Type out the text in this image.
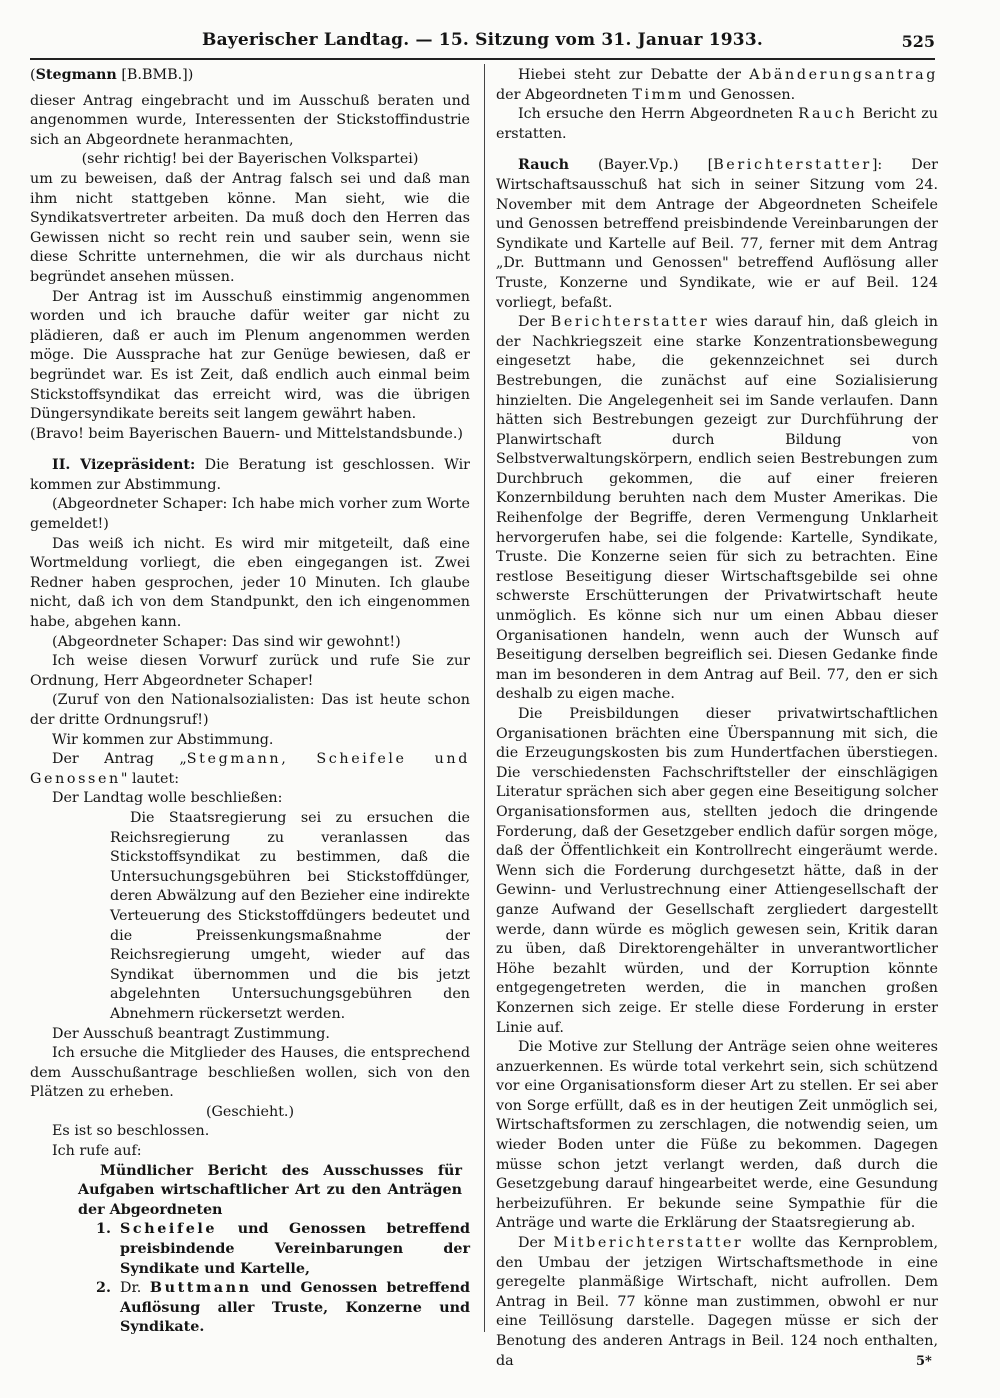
Bayerischer Landtag. — 15. Sitzung vom 31. Januar 1933.	525

(Stegmann [B.BMB.])

dieser Antrag eingebracht und im Ausschuß beraten und angenommen wurde, Interessenten der Stickstoffindustrie sich an Abgeordnete heranmachten,

(sehr richtig! bei der Bayerischen Volkspartei)

um zu beweisen, daß der Antrag falsch sei und daß man ihm nicht stattgeben könne. Man sieht, wie die Syndikatsvertreter arbeiten. Da muß doch den Herren das Gewissen nicht so recht rein und sauber sein, wenn sie diese Schritte unternehmen, die wir als durchaus nicht begründet ansehen müssen.

Der Antrag ist im Ausschuß einstimmig angenommen worden und ich brauche dafür weiter gar nicht zu plädieren, daß er auch im Plenum angenommen werden möge. Die Aussprache hat zur Genüge bewiesen, daß er begründet war. Es ist Zeit, daß endlich auch einmal beim Stickstoffsyndikat das erreicht wird, was die übrigen Düngersyndikate bereits seit langem gewährt haben.

(Bravo! beim Bayerischen Bauern- und Mittelstandsbunde.)

II. Vizepräsident: Die Beratung ist geschlossen. Wir kommen zur Abstimmung.

(Abgeordneter Schaper: Ich habe mich vorher zum Worte gemeldet!)

Das weiß ich nicht. Es wird mir mitgeteilt, daß eine Wortmeldung vorliegt, die eben eingegangen ist. Zwei Redner haben gesprochen, jeder 10 Minuten. Ich glaube nicht, daß ich von dem Standpunkt, den ich eingenommen habe, abgehen kann.

(Abgeordneter Schaper: Das sind wir gewohnt!)

Ich weise diesen Vorwurf zurück und rufe Sie zur Ordnung, Herr Abgeordneter Schaper!

(Zuruf von den Nationalsozialisten: Das ist heute schon der dritte Ordnungsruf!)

Wir kommen zur Abstimmung.

Der Antrag „Stegmann, Scheifele und Genossen" lautet:

Der Landtag wolle beschließen:

Die Staatsregierung sei zu ersuchen die Reichsregierung zu veranlassen das Stickstoffsyndikat zu bestimmen, daß die Untersuchungsgebühren bei Stickstoffdünger, deren Abwälzung auf den Bezieher eine indirekte Verteuerung des Stickstoffdüngers bedeutet und die Preissenkungsmaßnahme der Reichsregierung umgeht, wieder auf das Syndikat übernommen und die bis jetzt abgelehnten Untersuchungsgebühren den Abnehmern rückersetzt werden.

Der Ausschuß beantragt Zustimmung.

Ich ersuche die Mitglieder des Hauses, die entsprechend dem Ausschußantrage beschließen wollen, sich von den Plätzen zu erheben.

(Geschieht.)

Es ist so beschlossen.

Ich rufe auf:

Mündlicher Bericht des Ausschusses für Aufgaben wirtschaftlicher Art zu den Anträgen der Abgeordneten

1. Scheifele und Genossen betreffend preisbindende Vereinbarungen der Syndikate und Kartelle,

2. Dr. Buttmann und Genossen betreffend Auflösung aller Truste, Konzerne und Syndikate.

Hiebei steht zur Debatte der Abänderungsantrag der Abgeordneten Timm und Genossen.

Ich ersuche den Herrn Abgeordneten Rauch Bericht zu erstatten.

Rauch (Bayer.Vp.) [Berichterstatter]: Der Wirtschaftsausschuß hat sich in seiner Sitzung vom 24. November mit dem Antrage der Abgeordneten Scheifele und Genossen betreffend preisbindende Vereinbarungen der Syndikate und Kartelle auf Beil. 77, ferner mit dem Antrag „Dr. Buttmann und Genossen" betreffend Auflösung aller Truste, Konzerne und Syndikate, wie er auf Beil. 124 vorliegt, befaßt.

Der Berichterstatter wies darauf hin, daß gleich in der Nachkriegszeit eine starke Konzentrationsbewegung eingesetzt habe, die gekennzeichnet sei durch Bestrebungen, die zunächst auf eine Sozialisierung hinzielten. Die Angelegenheit sei im Sande verlaufen. Dann hätten sich Bestrebungen gezeigt zur Durchführung der Planwirtschaft durch Bildung von Selbstverwaltungskörpern, endlich seien Bestrebungen zum Durchbruch gekommen, die auf einer freieren Konzernbildung beruhten nach dem Muster Amerikas. Die Reihenfolge der Begriffe, deren Vermengung Unklarheit hervorgerufen habe, sei die folgende: Kartelle, Syndikate, Truste. Die Konzerne seien für sich zu betrachten. Eine restlose Beseitigung dieser Wirtschaftsgebilde sei ohne schwerste Erschütterungen der Privatwirtschaft heute unmöglich. Es könne sich nur um einen Abbau dieser Organisationen handeln, wenn auch der Wunsch auf Beseitigung derselben begreiflich sei. Diesen Gedanke finde man im besonderen in dem Antrag auf Beil. 77, den er sich deshalb zu eigen mache.

Die Preisbildungen dieser privatwirtschaftlichen Organisationen brächten eine Überspannung mit sich, die die Erzeugungskosten bis zum Hundertfachen überstiegen. Die verschiedensten Fachschriftsteller der einschlägigen Literatur sprächen sich aber gegen eine Beseitigung solcher Organisationsformen aus, stellten jedoch die dringende Forderung, daß der Gesetzgeber endlich dafür sorgen möge, daß der Öffentlichkeit ein Kontrollrecht eingeräumt werde. Wenn sich die Forderung durchgesetzt hätte, daß in der Gewinn- und Verlustrechnung einer Attiengesellschaft der ganze Aufwand der Gesellschaft zergliedert dargestellt werde, dann würde es möglich gewesen sein, Kritik daran zu üben, daß Direktorengehälter in unverantwortlicher Höhe bezahlt würden, und der Korruption könnte entgegengetreten werden, die in manchen großen Konzernen sich zeige. Er stelle diese Forderung in erster Linie auf.

Die Motive zur Stellung der Anträge seien ohne weiteres anzuerkennen. Es würde total verkehrt sein, sich schützend vor eine Organisationsform dieser Art zu stellen. Er sei aber von Sorge erfüllt, daß es in der heutigen Zeit unmöglich sei, Wirtschaftsformen zu zerschlagen, die notwendig seien, um wieder Boden unter die Füße zu bekommen. Dagegen müsse schon jetzt verlangt werden, daß durch die Gesetzgebung darauf hingearbeitet werde, eine Gesundung herbeizuführen. Er bekunde seine Sympathie für die Anträge und warte die Erklärung der Staatsregierung ab.

Der Mitberichterstatter wollte das Kernproblem, den Umbau der jetzigen Wirtschaftsmethode in eine geregelte planmäßige Wirtschaft, nicht aufrollen. Dem Antrag in Beil. 77 könne man zustimmen, obwohl er nur eine Teillösung darstelle. Dagegen müsse er sich der Benotung des anderen Antrags in Beil. 124 noch enthalten, da	5*
